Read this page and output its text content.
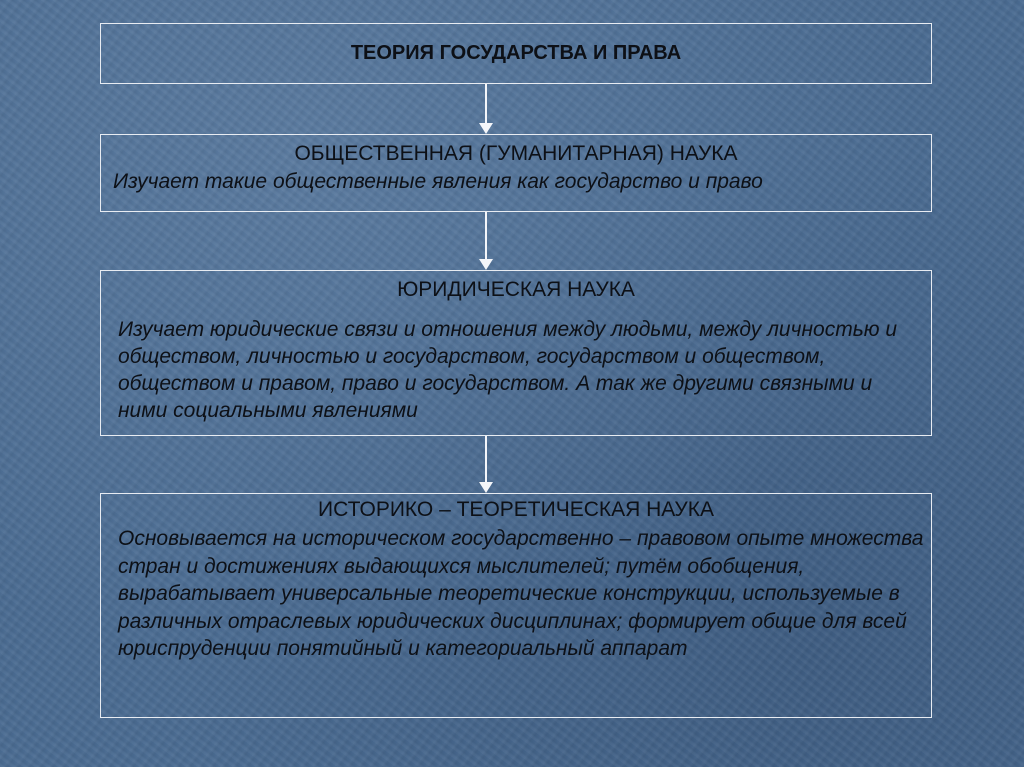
ТЕОРИЯ ГОСУДАРСТВА И ПРАВА
ОБЩЕСТВЕННАЯ (ГУМАНИТАРНАЯ) НАУКА
Изучает такие общественные явления как государство и право
ЮРИДИЧЕСКАЯ НАУКА
Изучает юридические связи и отношения между людьми, между личностью и обществом, личностью и государством, государством и обществом, обществом и правом, право и государством. А так же другими связными и ними социальными явлениями
ИСТОРИКО – ТЕОРЕТИЧЕСКАЯ НАУКА
Основывается на историческом государственно – правовом опыте множества стран и достижениях выдающихся мыслителей; путём обобщения, вырабатывает универсальные теоретические конструкции, используемые в различных отраслевых юридических дисциплинах; формирует общие для всей юриспруденции понятийный и категориальный аппарат
